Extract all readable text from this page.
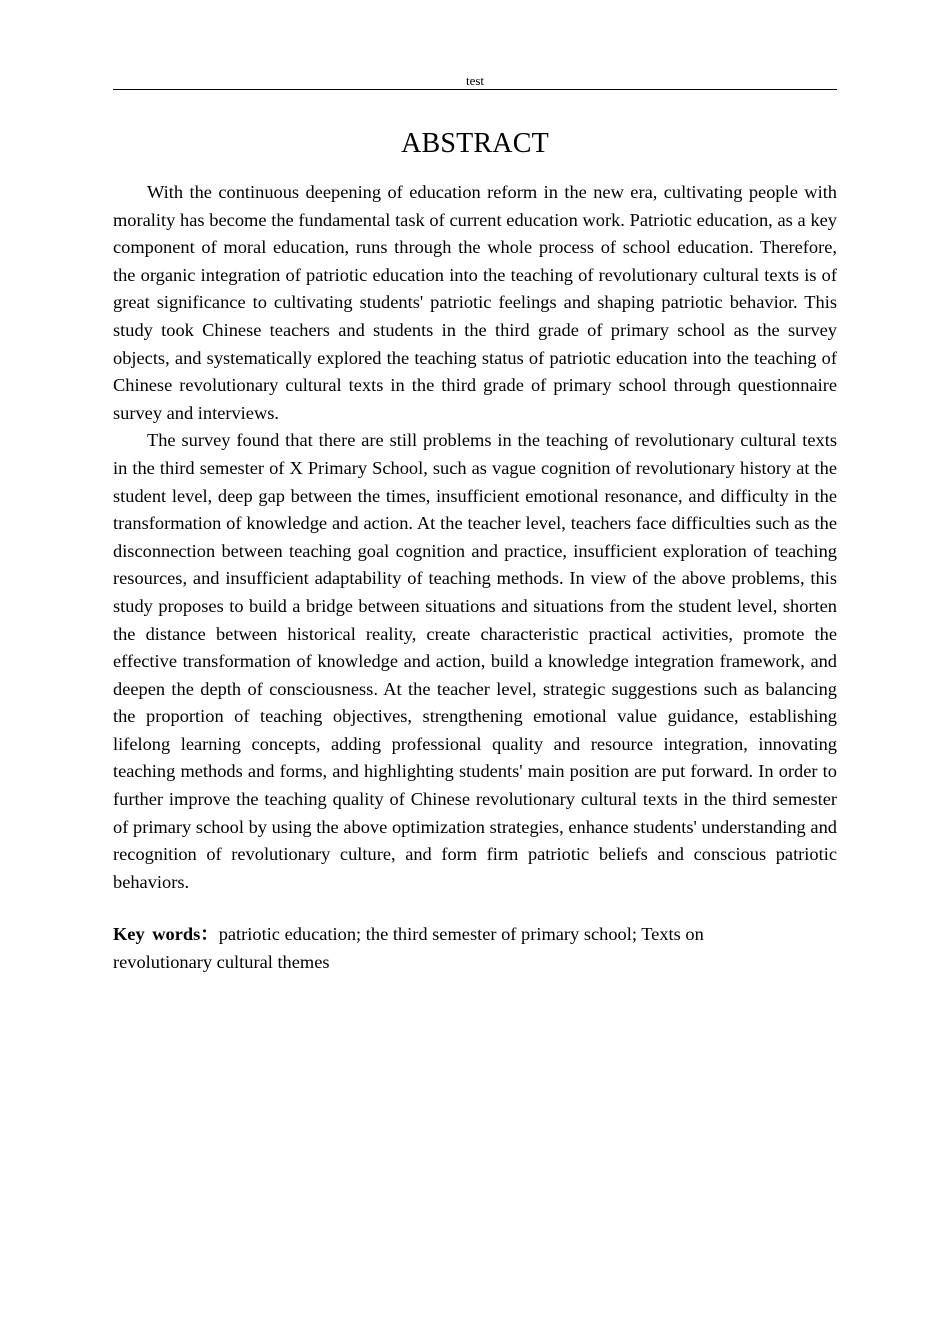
test
ABSTRACT

With the continuous deepening of education reform in the new era, cultivating people with morality has become the fundamental task of current education work. Patriotic education, as a key component of moral education, runs through the whole process of school education. Therefore, the organic integration of patriotic education into the teaching of revolutionary cultural texts is of great significance to cultivating students' patriotic feelings and shaping patriotic behavior. This study took Chinese teachers and students in the third grade of primary school as the survey objects, and systematically explored the teaching status of patriotic education into the teaching of Chinese revolutionary cultural texts in the third grade of primary school through questionnaire survey and interviews.

The survey found that there are still problems in the teaching of revolutionary cultural texts in the third semester of X Primary School, such as vague cognition of revolutionary history at the student level, deep gap between the times, insufficient emotional resonance, and difficulty in the transformation of knowledge and action. At the teacher level, teachers face difficulties such as the disconnection between teaching goal cognition and practice, insufficient exploration of teaching resources, and insufficient adaptability of teaching methods. In view of the above problems, this study proposes to build a bridge between situations and situations from the student level, shorten the distance between historical reality, create characteristic practical activities, promote the effective transformation of knowledge and action, build a knowledge integration framework, and deepen the depth of consciousness. At the teacher level, strategic suggestions such as balancing the proportion of teaching objectives, strengthening emotional value guidance, establishing lifelong learning concepts, adding professional quality and resource integration, innovating teaching methods and forms, and highlighting students' main position are put forward. In order to further improve the teaching quality of Chinese revolutionary cultural texts in the third semester of primary school by using the above optimization strategies, enhance students' understanding and recognition of revolutionary culture, and form firm patriotic beliefs and conscious patriotic behaviors.

Key words：patriotic education; the third semester of primary school; Texts on revolutionary cultural themes
